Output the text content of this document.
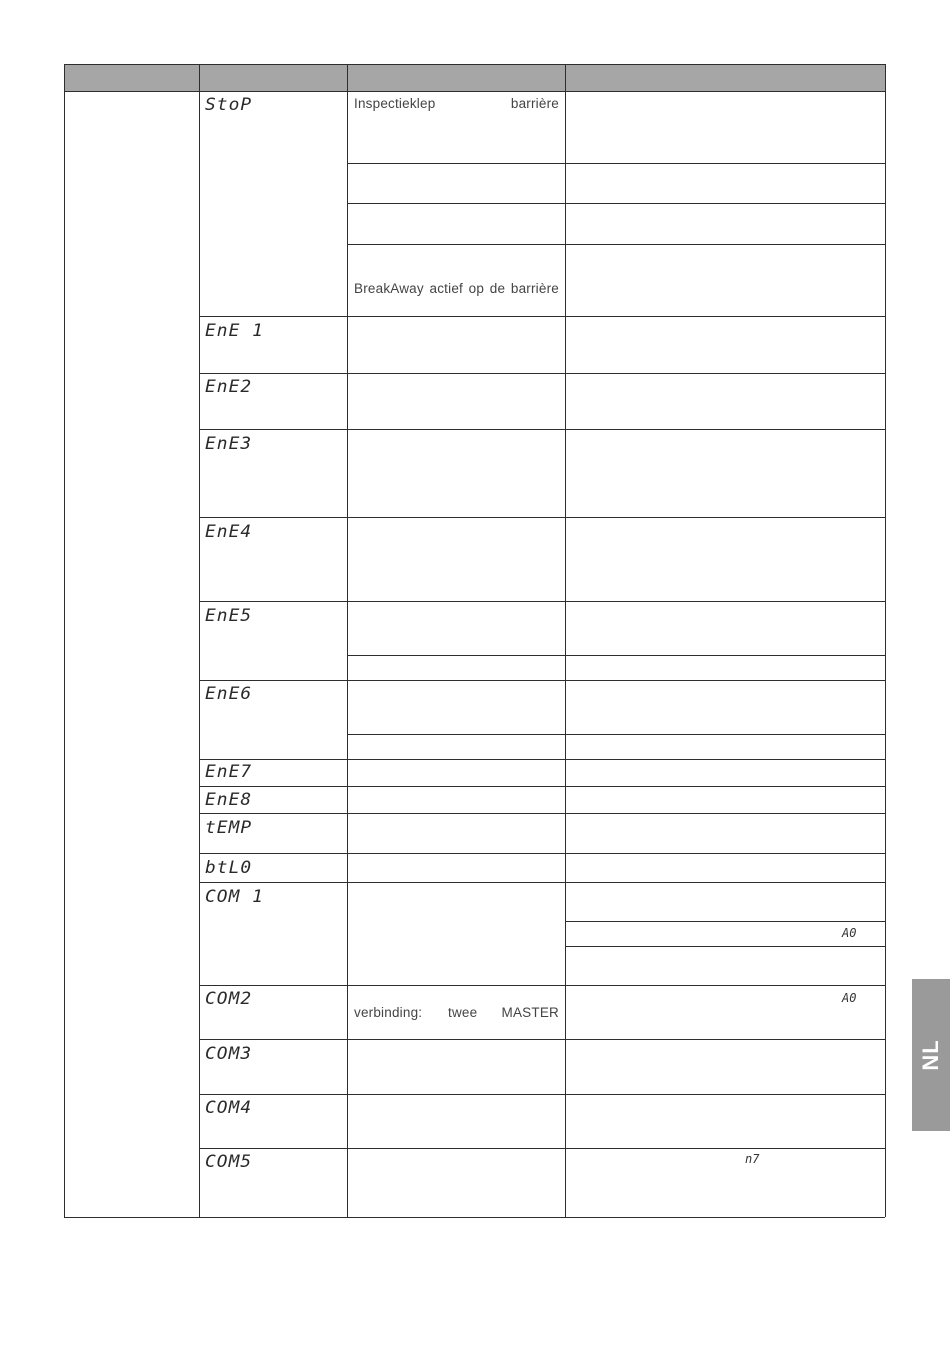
StoP
EnE 1
EnE2
EnE3
EnE4
EnE5
EnE6
EnE7
EnE8
tEMP
btL0
COM 1
COM2
COM3
COM4
COM5
Inspectieklep	barrière
BreakAway actief op de barrière
verbinding: twee MASTER
A0
A0
n7
NL
